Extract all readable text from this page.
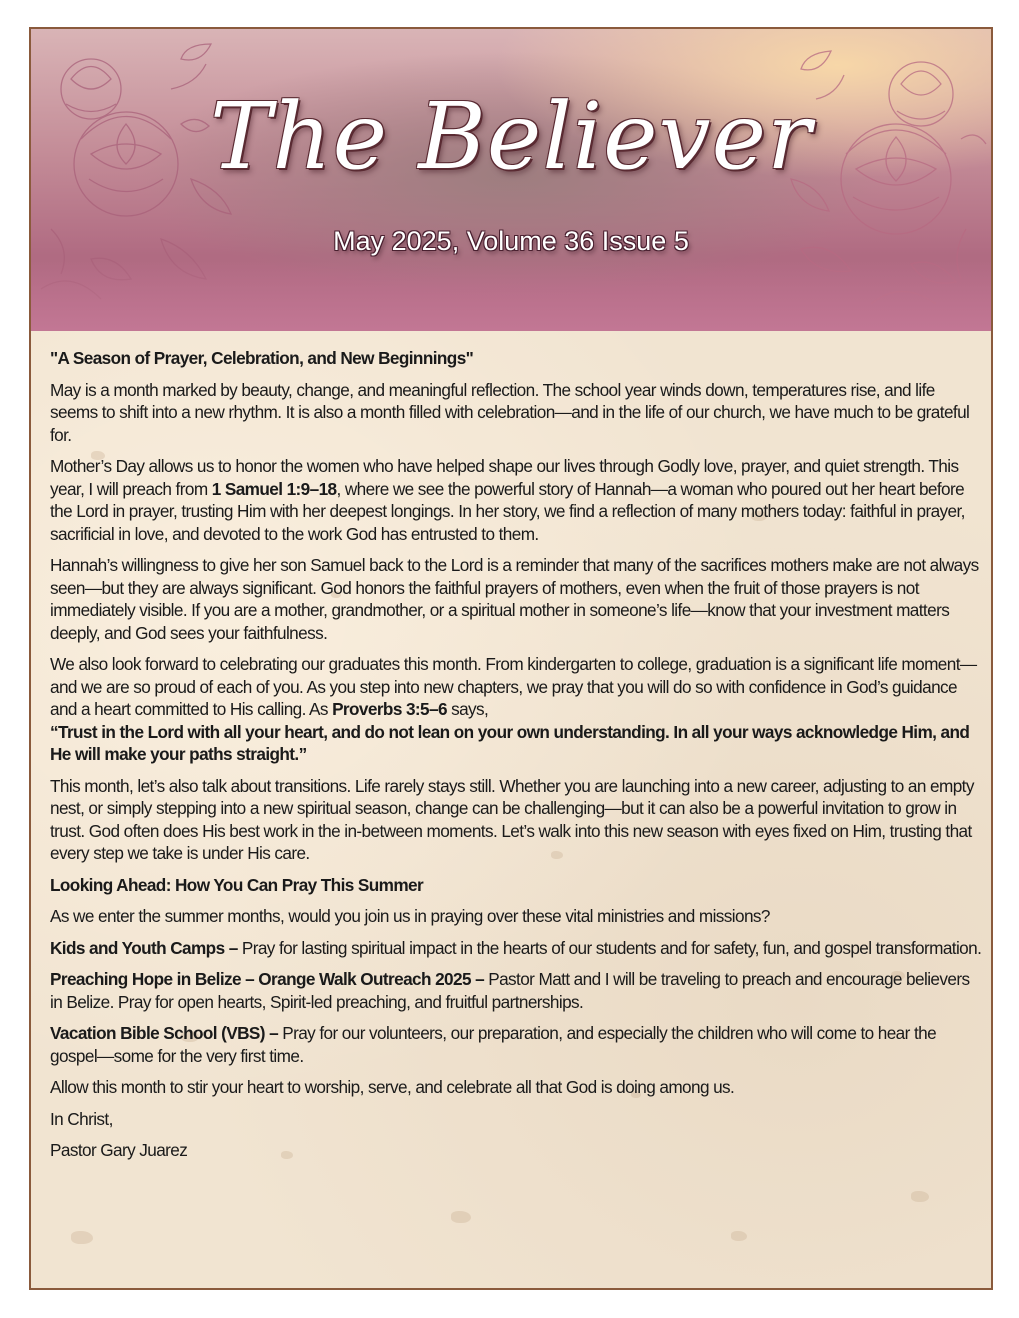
The Believer
May 2025, Volume 36 Issue 5

"A Season of Prayer, Celebration, and New Beginnings"

May is a month marked by beauty, change, and meaningful reflection. The school year winds down, temperatures rise, and life seems to shift into a new rhythm. It is also a month filled with celebration—and in the life of our church, we have much to be grateful for.

Mother’s Day allows us to honor the women who have helped shape our lives through Godly love, prayer, and quiet strength. This year, I will preach from 1 Samuel 1:9–18, where we see the powerful story of Hannah—a woman who poured out her heart before the Lord in prayer, trusting Him with her deepest longings. In her story, we find a reflection of many mothers today: faithful in prayer, sacrificial in love, and devoted to the work God has entrusted to them.

Hannah’s willingness to give her son Samuel back to the Lord is a reminder that many of the sacrifices mothers make are not always seen—but they are always significant. God honors the faithful prayers of mothers, even when the fruit of those prayers is not immediately visible. If you are a mother, grandmother, or a spiritual mother in someone’s life—know that your investment matters deeply, and God sees your faithfulness.

We also look forward to celebrating our graduates this month. From kindergarten to college, graduation is a significant life moment—and we are so proud of each of you. As you step into new chapters, we pray that you will do so with confidence in God’s guidance and a heart committed to His calling. As Proverbs 3:5–6 says,
“Trust in the Lord with all your heart, and do not lean on your own understanding. In all your ways acknowledge Him, and He will make your paths straight.”

This month, let’s also talk about transitions. Life rarely stays still. Whether you are launching into a new career, adjusting to an empty nest, or simply stepping into a new spiritual season, change can be challenging—but it can also be a powerful invitation to grow in trust. God often does His best work in the in-between moments. Let’s walk into this new season with eyes fixed on Him, trusting that every step we take is under His care.

Looking Ahead: How You Can Pray This Summer

As we enter the summer months, would you join us in praying over these vital ministries and missions?

Kids and Youth Camps – Pray for lasting spiritual impact in the hearts of our students and for safety, fun, and gospel transformation.

Preaching Hope in Belize – Orange Walk Outreach 2025 – Pastor Matt and I will be traveling to preach and encourage believers in Belize. Pray for open hearts, Spirit-led preaching, and fruitful partnerships.

Vacation Bible School (VBS) – Pray for our volunteers, our preparation, and especially the children who will come to hear the gospel—some for the very first time.

Allow this month to stir your heart to worship, serve, and celebrate all that God is doing among us.

In Christ,

Pastor Gary Juarez
